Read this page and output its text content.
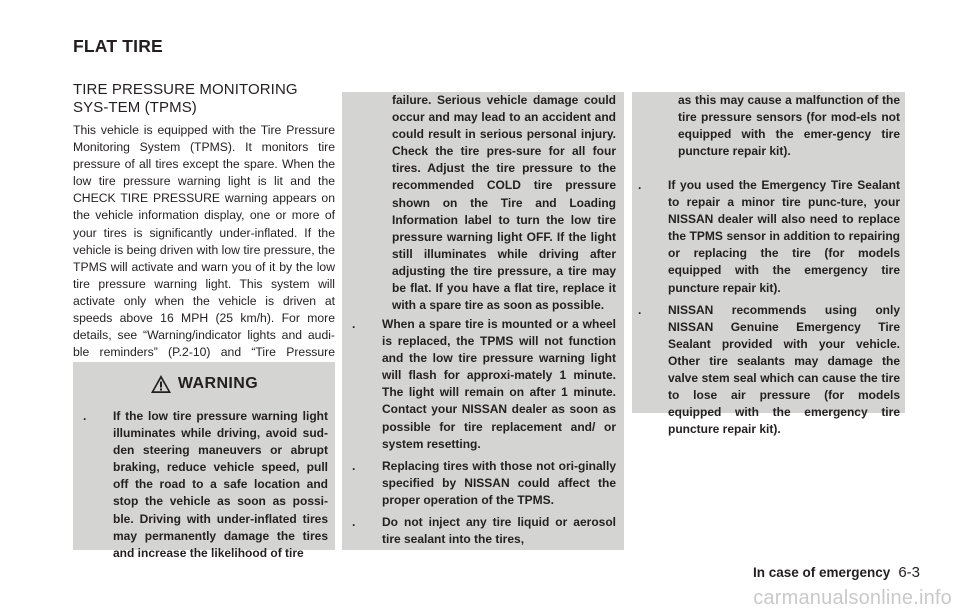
FLAT TIRE
TIRE PRESSURE MONITORING SYS-TEM (TPMS)
This vehicle is equipped with the Tire Pressure Monitoring System (TPMS). It monitors tire pressure of all tires except the spare. When the low tire pressure warning light is lit and the CHECK TIRE PRESSURE warning appears on the vehicle information display, one or more of your tires is significantly under-inflated. If the vehicle is being driven with low tire pressure, the TPMS will activate and warn you of it by the low tire pressure warning light. This system will activate only when the vehicle is driven at speeds above 16 MPH (25 km/h). For more details, see “Warning/indicator lights and audi-ble reminders” (P.2-10) and “Tire Pressure
WARNING
.	If the low tire pressure warning light illuminates while driving, avoid sud-den steering maneuvers or abrupt braking, reduce vehicle speed, pull off the road to a safe location and stop the vehicle as soon as possi-ble. Driving with under-inflated tires may permanently damage the tires and increase the likelihood of tire
failure. Serious vehicle damage could occur and may lead to an accident and could result in serious personal injury. Check the tire pres-sure for all four tires. Adjust the tire pressure to the recommended COLD tire pressure shown on the Tire and Loading Information label to turn the low tire pressure warning light OFF. If the light still illuminates while driving after adjusting the tire pressure, a tire may be flat. If you have a flat tire, replace it with a spare tire as soon as possible.
.	When a spare tire is mounted or a wheel is replaced, the TPMS will not function and the low tire pressure warning light will flash for approxi-mately 1 minute. The light will remain on after 1 minute. Contact your NISSAN dealer as soon as possible for tire replacement and/ or system resetting.
.	Replacing tires with those not ori-ginally specified by NISSAN could affect the proper operation of the TPMS.
.	Do not inject any tire liquid or aerosol tire sealant into the tires,
as this may cause a malfunction of the tire pressure sensors (for mod-els not equipped with the emer-gency tire puncture repair kit).
.	If you used the Emergency Tire Sealant to repair a minor tire punc-ture, your NISSAN dealer will also need to replace the TPMS sensor in addition to repairing or replacing the tire (for models equipped with the emergency tire puncture repair kit).
.	NISSAN recommends using only NISSAN Genuine Emergency Tire Sealant provided with your vehicle. Other tire sealants may damage the valve stem seal which can cause the tire to lose air pressure (for models equipped with the emergency tire puncture repair kit).
In case of emergency 6-3
carmanualsonline.info
